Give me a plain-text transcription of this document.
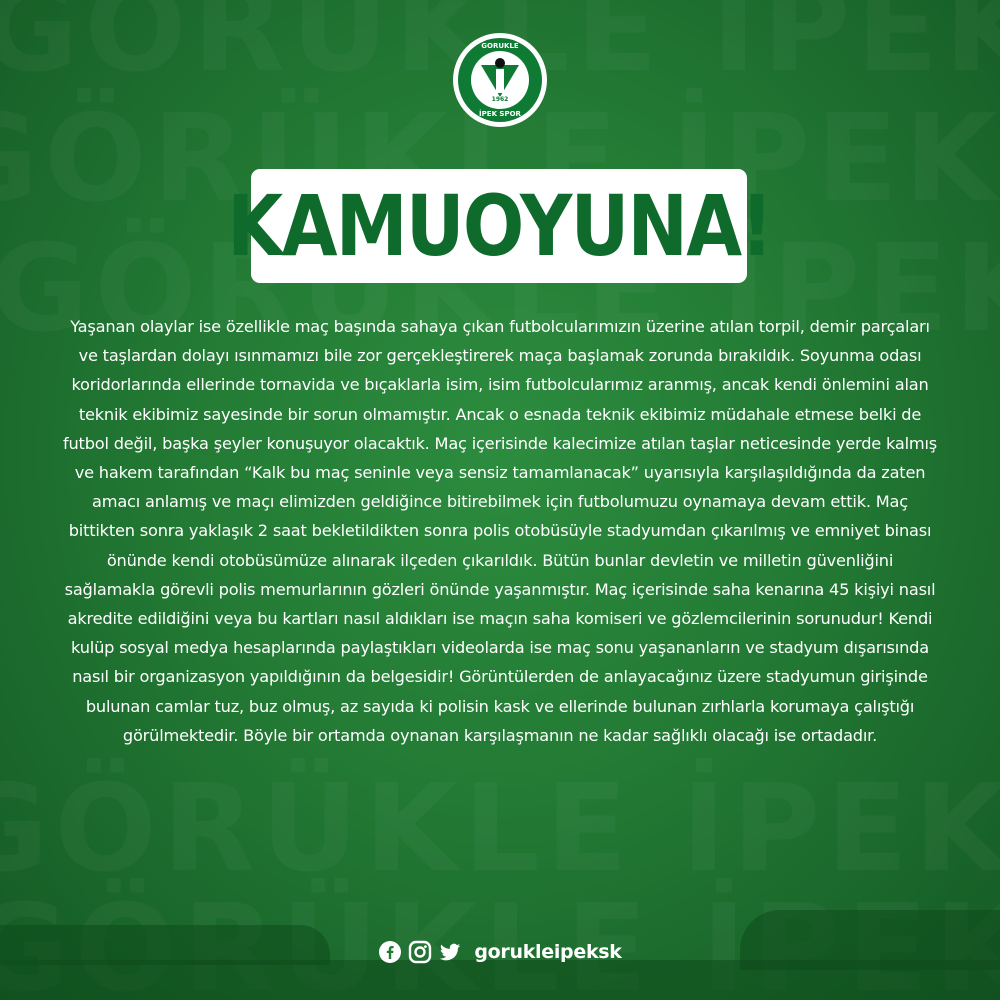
GORUKLE
1962
İPEK SPOR
KAMUOYUNA!
Yaşanan olaylar ise özellikle maç başında sahaya çıkan futbolcularımızın üzerine atılan torpil, demir parçaları ve taşlardan dolayı ısınmamızı bile zor gerçekleştirerek maça başlamak zorunda bırakıldık. Soyunma odası koridorlarında ellerinde tornavida ve bıçaklarla isim, isim futbolcularımız aranmış, ancak kendi önlemini alan teknik ekibimiz sayesinde bir sorun olmamıştır. Ancak o esnada teknik ekibimiz müdahale etmese belki de futbol değil, başka şeyler konuşuyor olacaktık. Maç içerisinde kalecimize atılan taşlar neticesinde yerde kalmış ve hakem tarafından “Kalk bu maç seninle veya sensiz tamamlanacak” uyarısıyla karşılaşıldığında da zaten amacı anlamış ve maçı elimizden geldiğince bitirebilmek için futbolumuzu oynamaya devam ettik. Maç bittikten sonra yaklaşık 2 saat bekletildikten sonra polis otobüsüyle stadyumdan çıkarılmış ve emniyet binası önünde kendi otobüsümüze alınarak ilçeden çıkarıldık. Bütün bunlar devletin ve milletin güvenliğini sağlamakla görevli polis memurlarının gözleri önünde yaşanmıştır. Maç içerisinde saha kenarına 45 kişiyi nasıl akredite edildiğini veya bu kartları nasıl aldıkları ise maçın saha komiseri ve gözlemcilerinin sorunudur! Kendi kulüp sosyal medya hesaplarında paylaştıkları videolarda ise maç sonu yaşananların ve stadyum dışarısında nasıl bir organizasyon yapıldığının da belgesidir! Görüntülerden de anlayacağınız üzere stadyumun girişinde bulunan camlar tuz, buz olmuş, az sayıda ki polisin kask ve ellerinde bulunan zırhlarla korumaya çalıştığı görülmektedir. Böyle bir ortamda oynanan karşılaşmanın ne kadar sağlıklı olacağı ise ortadadır.
gorukleipeksk
